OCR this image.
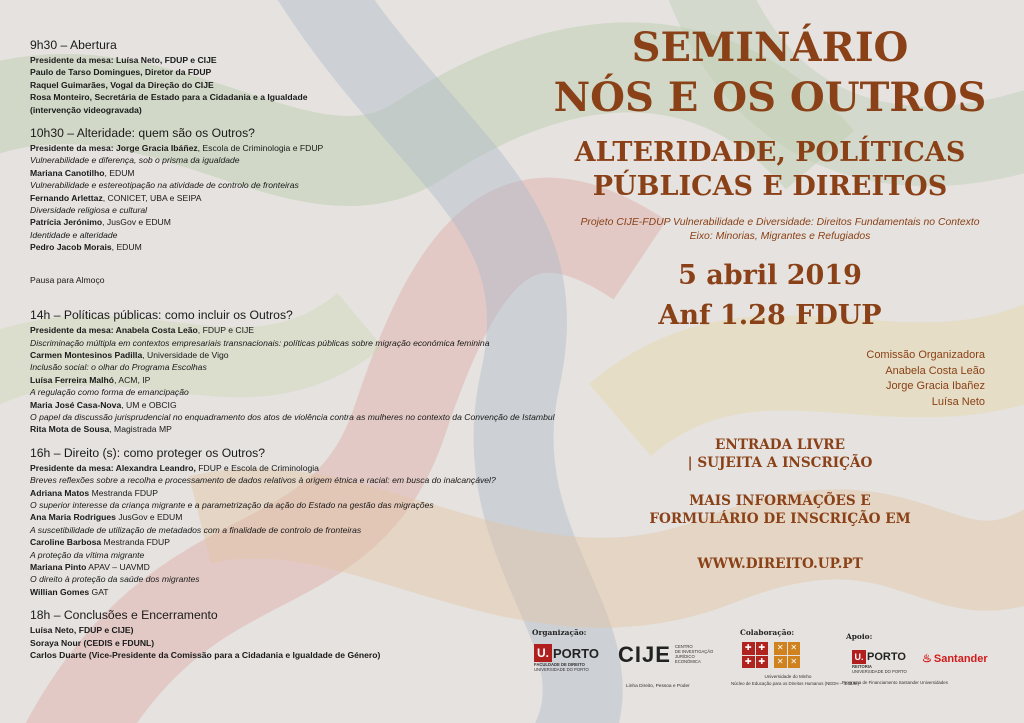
9h30 – Abertura
Presidente da mesa: Luísa Neto, FDUP e CIJE
Paulo de Tarso Domingues, Diretor da FDUP
Raquel Guimarães, Vogal da Direção do CIJE
Rosa Monteiro, Secretária de Estado para a Cidadania e a Igualdade
(intervenção videogravada)
10h30 – Alteridade: quem são os Outros?
Presidente da mesa: Jorge Gracia Ibáñez, Escola de Criminologia e FDUP
Vulnerabilidade e diferença, sob o prisma da igualdade
Mariana Canotilho, EDUM
Vulnerabilidade e estereotipação na atividade de controlo de fronteiras
Fernando Arlettaz, CONICET, UBA e SEIPA
Diversidade religiosa e cultural
Patrícia Jerónimo, JusGov e EDUM
Identidade e alteridade
Pedro Jacob Morais, EDUM
Pausa para Almoço
14h – Políticas públicas: como incluir os Outros?
Presidente da mesa: Anabela Costa Leão, FDUP e CIJE
Discriminação múltipla em contextos empresariais transnacionais: políticas públicas sobre migração económica feminina
Carmen Montesinos Padilla, Universidade de Vigo
Inclusão social: o olhar do Programa Escolhas
Luísa Ferreira Malhó, ACM, IP
A regulação como forma de emancipação
Maria José Casa-Nova, UM e OBCIG
O papel da discussão jurisprudencial no enquadramento dos atos de violência contra as mulheres no contexto da Convenção de Istambul
Rita Mota de Sousa, Magistrada MP
16h – Direito (s): como proteger os Outros?
Presidente da mesa: Alexandra Leandro, FDUP e Escola de Criminologia
Breves reflexões sobre a recolha e processamento de dados relativos à origem étnica e racial: em busca do inalcançável?
Adriana Matos Mestranda FDUP
O superior interesse da criança migrante e a parametrização da ação do Estado na gestão das migrações
Ana Maria Rodrigues JusGov e EDUM
A suscetibilidade de utilização de metadados com a finalidade de controlo de fronteiras
Caroline Barbosa Mestranda FDUP
A proteção da vítima migrante
Mariana Pinto APAV – UAVMD
O direito à proteção da saúde dos migrantes
Willian Gomes GAT
18h – Conclusões e Encerramento
Luísa Neto, FDUP e CIJE)
Soraya Nour (CEDIS e FDUNL)
Carlos Duarte (Vice-Presidente da Comissão para a Cidadania e Igualdade de Género)
SEMINÁRIO
NÓS E OS OUTROS
ALTERIDADE, POLÍTICAS
PÚBLICAS E DIREITOS
Projeto CIJE-FDUP Vulnerabilidade e Diversidade: Direitos Fundamentais no Contexto
Eixo: Minorias, Migrantes e Refugiados
5 abril 2019
Anf 1.28 FDUP
Comissão Organizadora
Anabela Costa Leão
Jorge Gracia Ibañez
Luísa Neto
ENTRADA LIVRE
| SUJEITA A INSCRIÇÃO
MAIS INFORMAÇÕES E
FORMULÁRIO DE INSCRIÇÃO EM
WWW.DIREITO.UP.PT
Organização:
U. PORTO
FACULDADE DE DIREITO
UNIVERSIDADE DO PORTO
CIJE CENTRO
DE INVESTIGAÇÃO
JURÍDICO
ECONÓMICA
Linha Direito, Pessoa e Poder
Colaboração:
✚ ✚
✚ ✚
✕ ✕
✕ ✕
Universidade do Minho
Núcleo de Educação para os Direitos Humanos (NEDH – IECUM)
Apoio:
U. PORTO
REITORIA
UNIVERSIDADE DO PORTO
♨ Santander
Programa de Financiamento Santander Universidades
